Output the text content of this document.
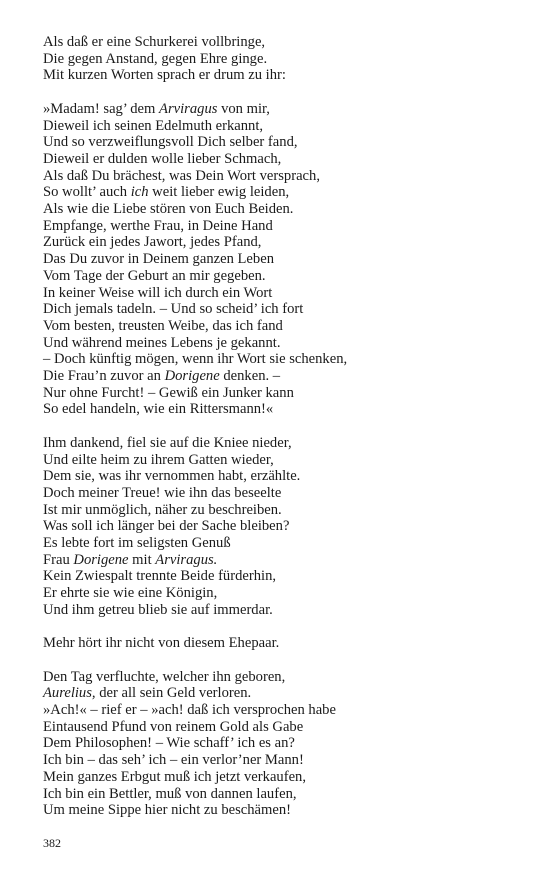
Als daß er eine Schurkerei vollbringe,
Die gegen Anstand, gegen Ehre ginge.
Mit kurzen Worten sprach er drum zu ihr:
»Madam! sag’ dem Arviragus von mir,
Dieweil ich seinen Edelmuth erkannt,
Und so verzweiflungsvoll Dich selber fand,
Dieweil er dulden wolle lieber Schmach,
Als daß Du brächest, was Dein Wort versprach,
So wollt’ auch ich weit lieber ewig leiden,
Als wie die Liebe stören von Euch Beiden.
Empfange, werthe Frau, in Deine Hand
Zurück ein jedes Jawort, jedes Pfand,
Das Du zuvor in Deinem ganzen Leben
Vom Tage der Geburt an mir gegeben.
In keiner Weise will ich durch ein Wort
Dich jemals tadeln. – Und so scheid’ ich fort
Vom besten, treusten Weibe, das ich fand
Und während meines Lebens je gekannt.
– Doch künftig mögen, wenn ihr Wort sie schenken,
Die Frau’n zuvor an Dorigene denken. –
Nur ohne Furcht! – Gewiß ein Junker kann
So edel handeln, wie ein Rittersmann!«
Ihm dankend, fiel sie auf die Kniee nieder,
Und eilte heim zu ihrem Gatten wieder,
Dem sie, was ihr vernommen habt, erzählte.
Doch meiner Treue! wie ihn das beseelte
Ist mir unmöglich, näher zu beschreiben.
Was soll ich länger bei der Sache bleiben?
Es lebte fort im seligsten Genuß
Frau Dorigene mit Arviragus.
Kein Zwiespalt trennte Beide fürderhin,
Er ehrte sie wie eine Königin,
Und ihm getreu blieb sie auf immerdar.
Mehr hört ihr nicht von diesem Ehepaar.
Den Tag verfluchte, welcher ihn geboren,
Aurelius, der all sein Geld verloren.
»Ach!« – rief er – »ach! daß ich versprochen habe
Eintausend Pfund von reinem Gold als Gabe
Dem Philosophen! – Wie schaff’ ich es an?
Ich bin – das seh’ ich – ein verlor’ner Mann!
Mein ganzes Erbgut muß ich jetzt verkaufen,
Ich bin ein Bettler, muß von dannen laufen,
Um meine Sippe hier nicht zu beschämen!
382
